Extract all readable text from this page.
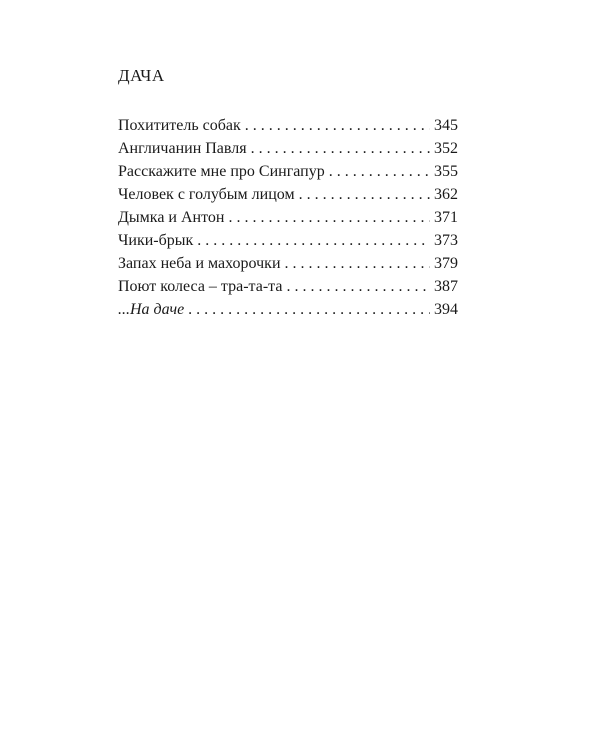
ДАЧА
Похититель собак . . .	345
Англичанин Павля . . .	352
Расскажите мне про Сингапур . . .	355
Человек с голубым лицом . . .	362
Дымка и Антон . . .	371
Чики-брык . . .	373
Запах неба и махорочки . . .	379
Поют колеса – тра-та-та . . .	387
...На даче . . .	394
